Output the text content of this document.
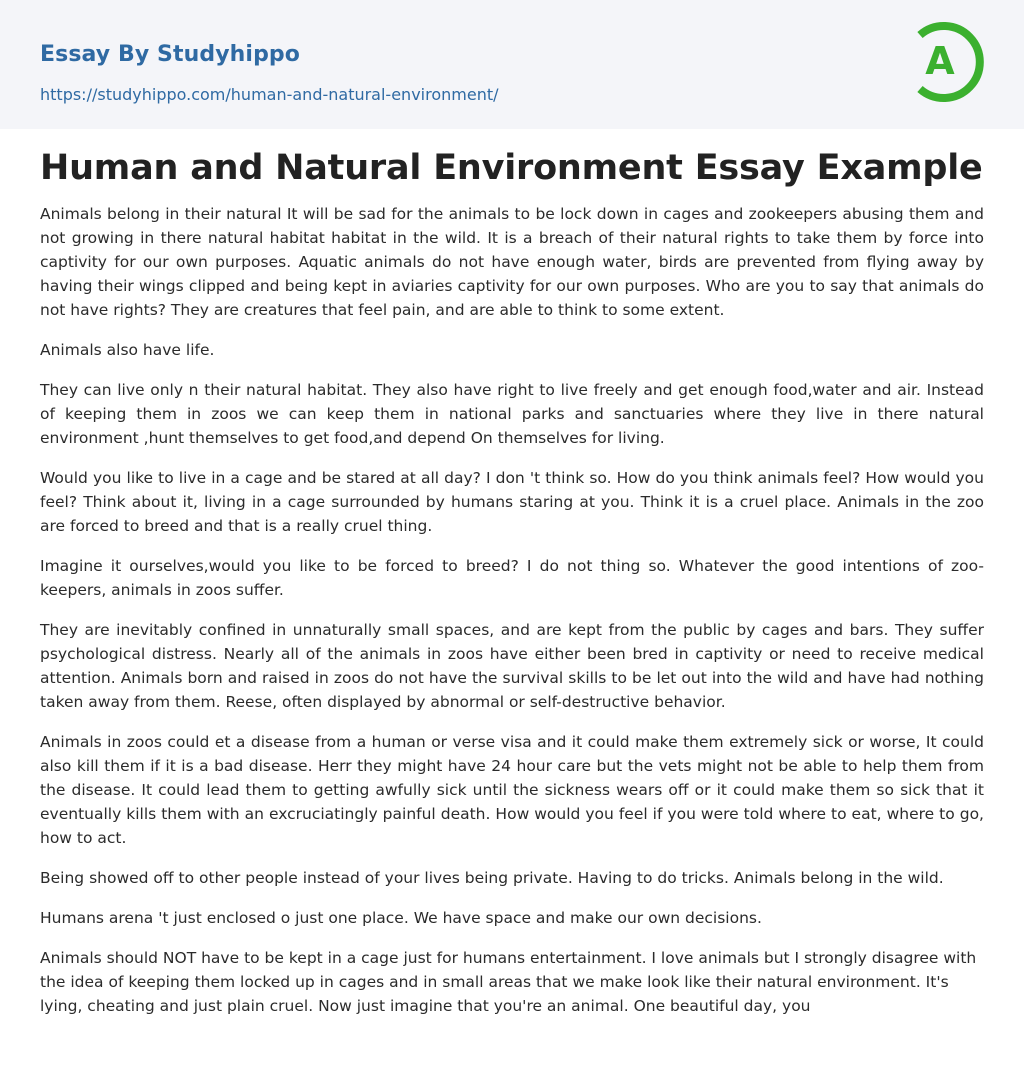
Essay By Studyhippo
https://studyhippo.com/human-and-natural-environment/
A
Human and Natural Environment Essay Example

Animals belong in their natural It will be sad for the animals to be lock down in cages and zookeepers abusing them and not growing in there natural habitat habitat in the wild. It is a breach of their natural rights to take them by force into captivity for our own purposes. Aquatic animals do not have enough water, birds are prevented from flying away by having their wings clipped and being kept in aviaries captivity for our own purposes. Who are you to say that animals do not have rights? They are creatures that feel pain, and are able to think to some extent.

Animals also have life.

They can live only n their natural habitat. They also have right to live freely and get enough food,water and air. Instead of keeping them in zoos we can keep them in national parks and sanctuaries where they live in there natural environment ,hunt themselves to get food,and depend On themselves for living.

Would you like to live in a cage and be stared at all day? I don 't think so. How do you think animals feel? How would you feel? Think about it, living in a cage surrounded by humans staring at you. Think it is a cruel place. Animals in the zoo are forced to breed and that is a really cruel thing.

Imagine it ourselves,would you like to be forced to breed? I do not thing so. Whatever the good intentions of zoo-keepers, animals in zoos suffer.

They are inevitably confined in unnaturally small spaces, and are kept from the public by cages and bars. They suffer psychological distress. Nearly all of the animals in zoos have either been bred in captivity or need to receive medical attention. Animals born and raised in zoos do not have the survival skills to be let out into the wild and have had nothing taken away from them. Reese, often displayed by abnormal or self-destructive behavior.

Animals in zoos could et a disease from a human or verse visa and it could make them extremely sick or worse, It could also kill them if it is a bad disease. Herr they might have 24 hour care but the vets might not be able to help them from the disease. It could lead them to getting awfully sick until the sickness wears off or it could make them so sick that it eventually kills them with an excruciatingly painful death. How would you feel if you were told where to eat, where to go, how to act.

Being showed off to other people instead of your lives being private. Having to do tricks. Animals belong in the wild.

Humans arena 't just enclosed o just one place. We have space and make our own decisions.

Animals should NOT have to be kept in a cage just for humans entertainment. I love animals but I strongly disagree with the idea of keeping them locked up in cages and in small areas that we make look like their natural environment. It's lying, cheating and just plain cruel. Now just imagine that you're an animal. One beautiful day, you
